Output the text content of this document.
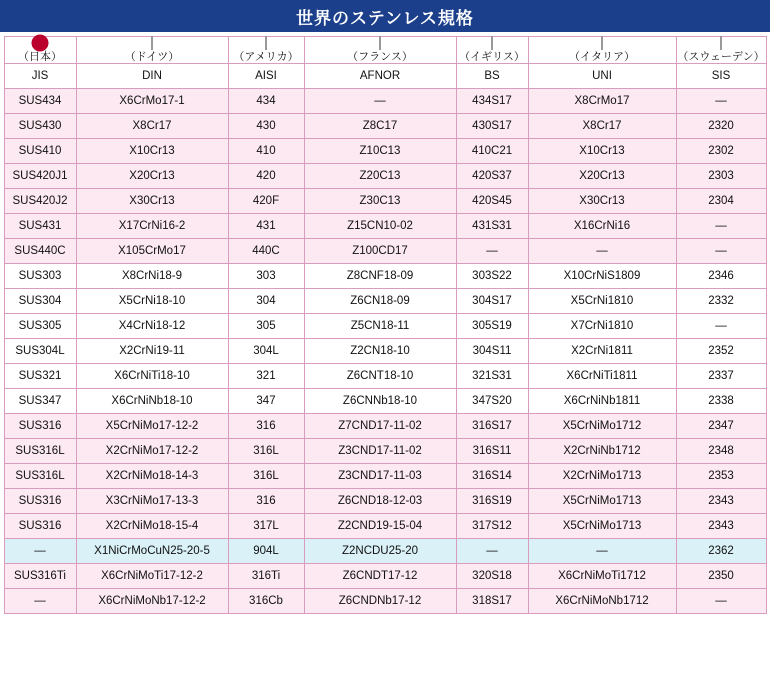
世界のステンレス規格
（日本）	（ドイツ）	（アメリカ）	（フランス）	（イギリス）	（イタリア）	（スウェーデン）

JIS	DIN	AISI	AFNOR	BS	UNI	SIS
SUS434	X6CrMo17-1	434	—	434S17	X8CrMo17	—
SUS430	X8Cr17	430	Z8C17	430S17	X8Cr17	2320
SUS410	X10Cr13	410	Z10C13	410C21	X10Cr13	2302
SUS420J1	X20Cr13	420	Z20C13	420S37	X20Cr13	2303
SUS420J2	X30Cr13	420F	Z30C13	420S45	X30Cr13	2304
SUS431	X17CrNi16-2	431	Z15CN10-02	431S31	X16CrNi16	—
SUS440C	X105CrMo17	440C	Z100CD17	—	—	—
SUS303	X8CrNi18-9	303	Z8CNF18-09	303S22	X10CrNiS1809	2346
SUS304	X5CrNi18-10	304	Z6CN18-09	304S17	X5CrNi1810	2332
SUS305	X4CrNi18-12	305	Z5CN18-11	305S19	X7CrNi1810	—
SUS304L	X2CrNi19-11	304L	Z2CN18-10	304S11	X2CrNi1811	2352
SUS321	X6CrNiTi18-10	321	Z6CNT18-10	321S31	X6CrNiTi1811	2337
SUS347	X6CrNiNb18-10	347	Z6CNNb18-10	347S20	X6CrNiNb1811	2338
SUS316	X5CrNiMo17-12-2	316	Z7CND17-11-02	316S17	X5CrNiMo1712	2347
SUS316L	X2CrNiMo17-12-2	316L	Z3CND17-11-02	316S11	X2CrNiNb1712	2348
SUS316L	X2CrNiMo18-14-3	316L	Z3CND17-11-03	316S14	X2CrNiMo1713	2353
SUS316	X3CrNiMo17-13-3	316	Z6CND18-12-03	316S19	X5CrNiMo1713	2343
SUS316	X2CrNiMo18-15-4	317L	Z2CND19-15-04	317S12	X5CrNiMo1713	2343
—	X1NiCrMoCuN25-20-5	904L	Z2NCDU25-20	—	—	2362
SUS316Ti	X6CrNiMoTi17-12-2	316Ti	Z6CNDT17-12	320S18	X6CrNiMoTi1712	2350
—	X6CrNiMoNb17-12-2	316Cb	Z6CNDNb17-12	318S17	X6CrNiMoNb1712	—
